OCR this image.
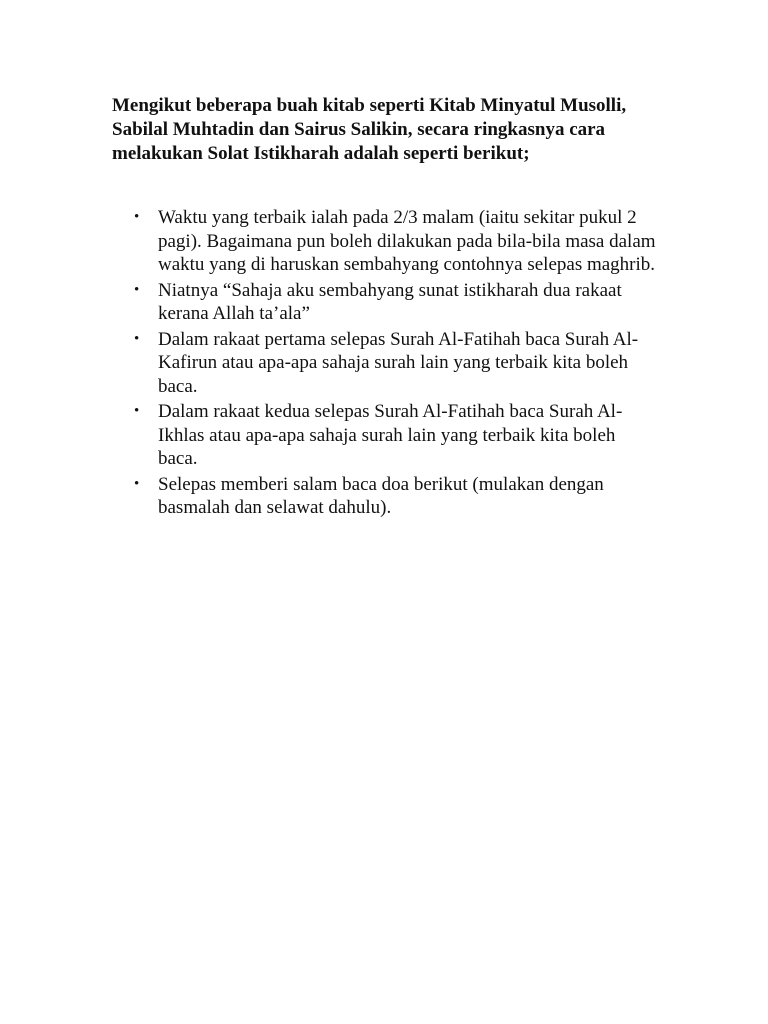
Mengikut beberapa buah kitab seperti Kitab Minyatul Musolli, Sabilal Muhtadin dan Sairus Salikin, secara ringkasnya cara melakukan Solat Istikharah adalah seperti berikut;

• Waktu yang terbaik ialah pada 2/3 malam (iaitu sekitar pukul 2 pagi). Bagaimana pun boleh dilakukan pada bila-bila masa dalam waktu yang di haruskan sembahyang contohnya selepas maghrib.
• Niatnya “Sahaja aku sembahyang sunat istikharah dua rakaat kerana Allah ta’ala”
• Dalam rakaat pertama selepas Surah Al-Fatihah baca Surah Al-Kafirun atau apa-apa sahaja surah lain yang terbaik kita boleh baca.
• Dalam rakaat kedua selepas Surah Al-Fatihah baca Surah Al-Ikhlas atau apa-apa sahaja surah lain yang terbaik kita boleh baca.
• Selepas memberi salam baca doa berikut (mulakan dengan basmalah dan selawat dahulu).
